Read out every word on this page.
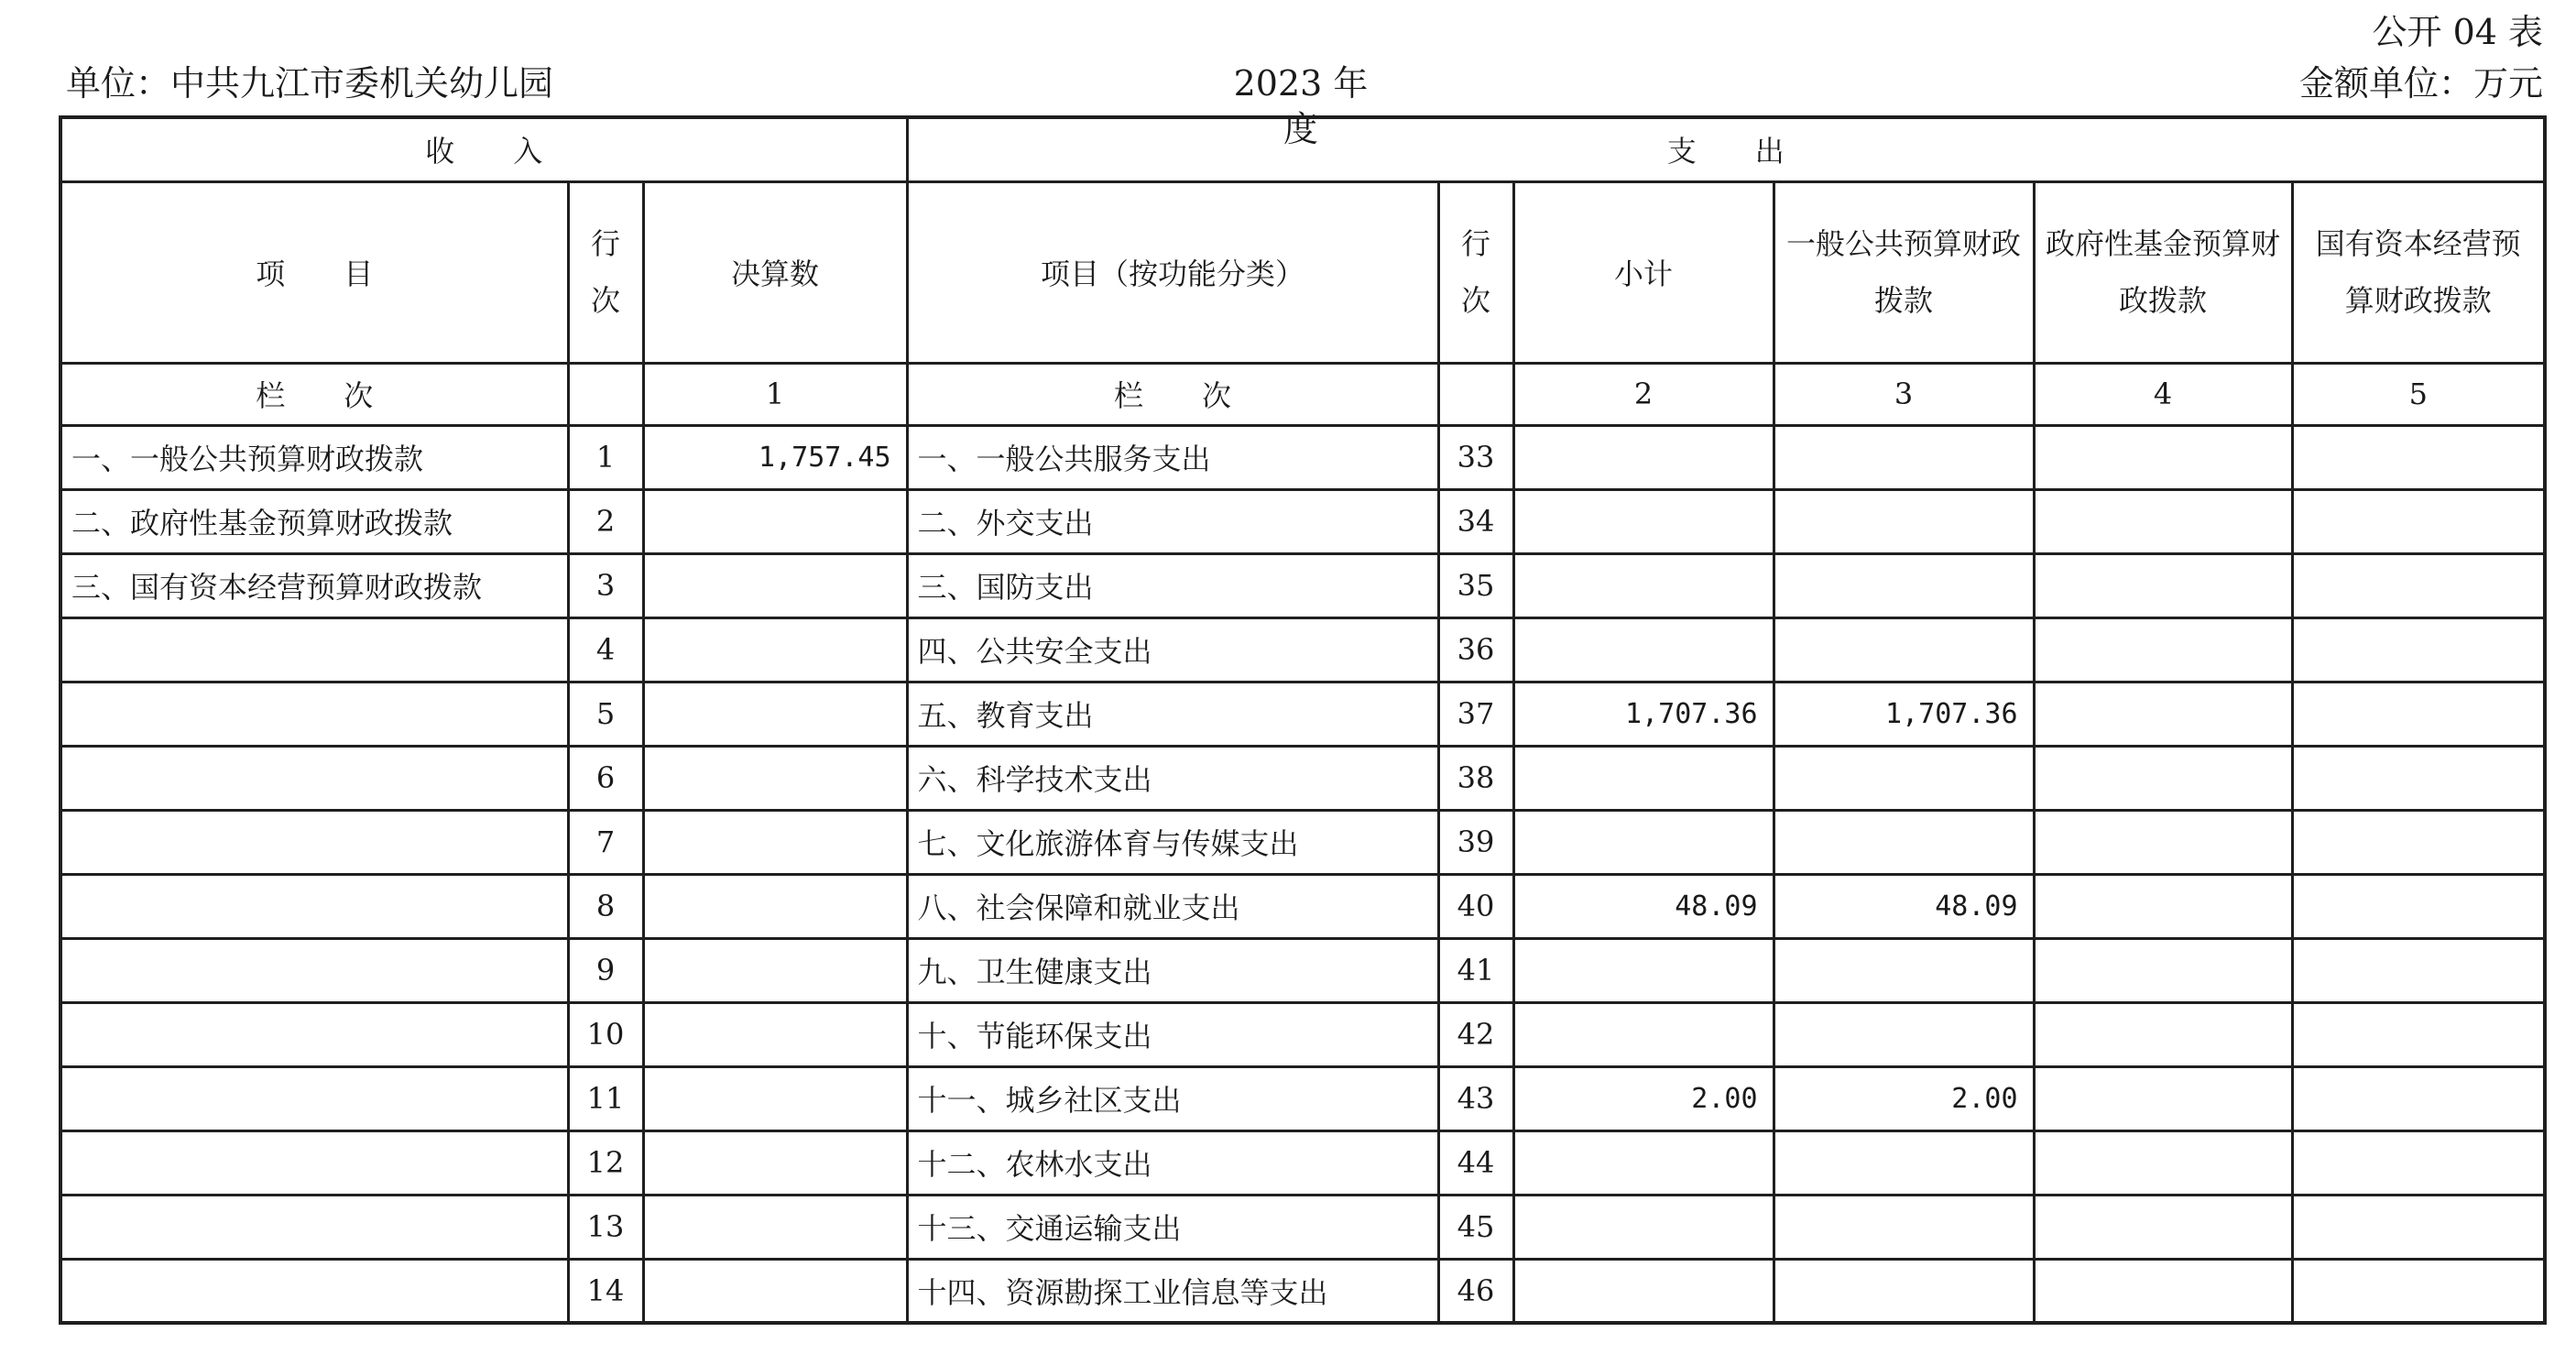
公开 04 表
单位：中共九江市委机关幼儿园	2023 年度
金额单位：万元
收　　入			支　　出					
项　　目	行次	决算数	项目（按功能分类）	行次	小计	一般公共预算财政拨款	政府性基金预算财政拨款	国有资本经营预算财政拨款
栏　　次		1	栏　　次		2	3	4	5
一、一般公共预算财政拨款	1	1,757.45	一、一般公共服务支出	33				
二、政府性基金预算财政拨款	2		二、外交支出	34				
三、国有资本经营预算财政拨款	3		三、国防支出	35				
	4		四、公共安全支出	36				
	5		五、教育支出	37	1,707.36	1,707.36		
	6		六、科学技术支出	38				
	7		七、文化旅游体育与传媒支出	39				
	8		八、社会保障和就业支出	40	48.09	48.09		
	9		九、卫生健康支出	41				
	10		十、节能环保支出	42				
	11		十一、城乡社区支出	43	2.00	2.00		
	12		十二、农林水支出	44				
	13		十三、交通运输支出	45				
	14		十四、资源勘探工业信息等支出	46				
